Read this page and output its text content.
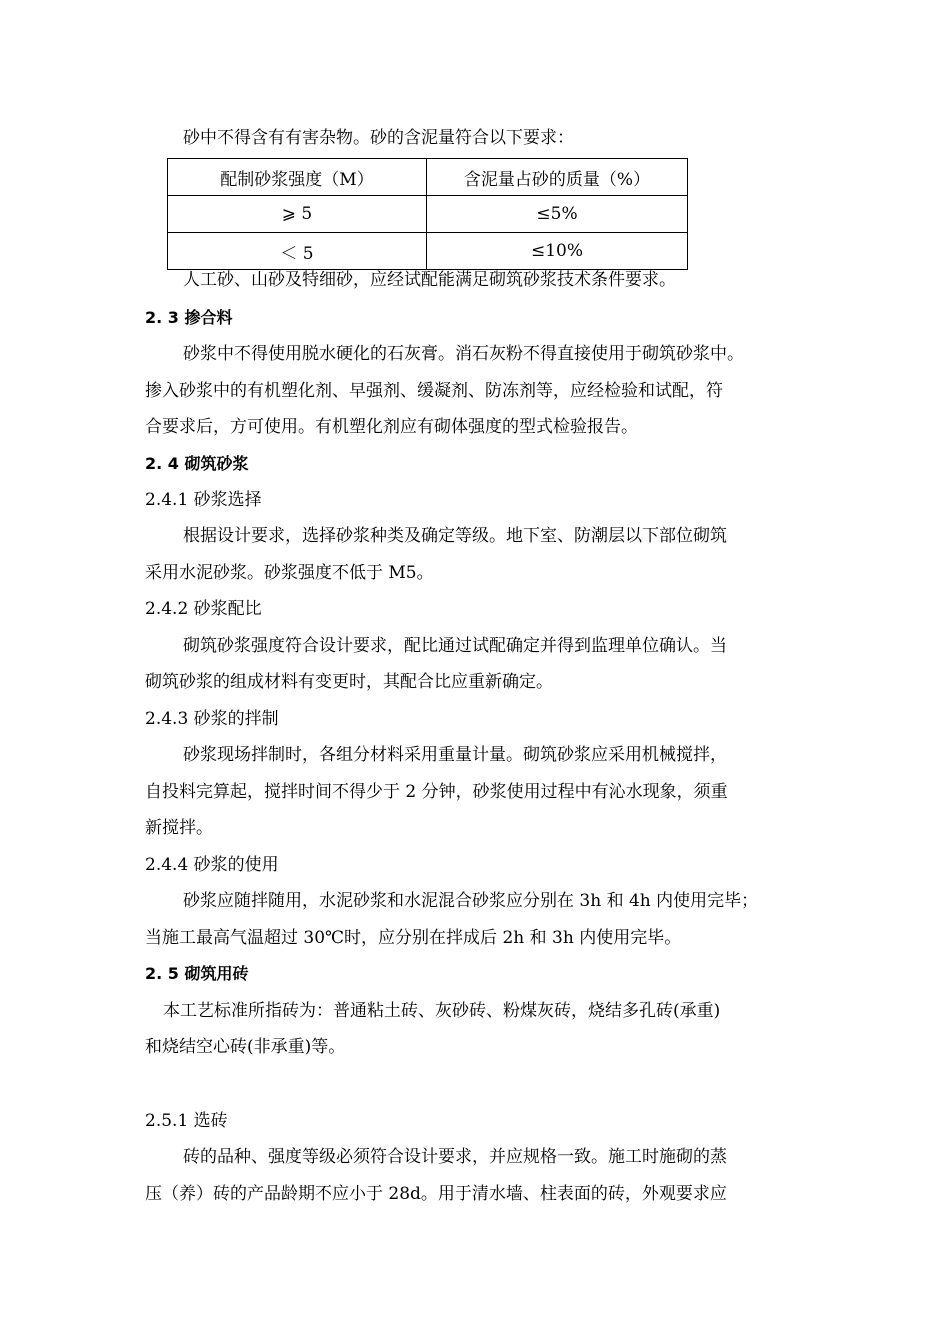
砂中不得含有有害杂物。砂的含泥量符合以下要求：
配制砂浆强度（M）	含泥量占砂的质量（%）
⩾ 5	≤5%
＜ 5	≤10%
人工砂、山砂及特细砂，应经试配能满足砌筑砂浆技术条件要求。
2. 3 掺合料
砂浆中不得使用脱水硬化的石灰膏。消石灰粉不得直接使用于砌筑砂浆中。
掺入砂浆中的有机塑化剂、早强剂、缓凝剂、防冻剂等，应经检验和试配，符
合要求后，方可使用。有机塑化剂应有砌体强度的型式检验报告。
2. 4 砌筑砂浆
2.4.1 砂浆选择
根据设计要求，选择砂浆种类及确定等级。地下室、防潮层以下部位砌筑
采用水泥砂浆。砂浆强度不低于 M5。
2.4.2 砂浆配比
砌筑砂浆强度符合设计要求，配比通过试配确定并得到监理单位确认。当
砌筑砂浆的组成材料有变更时，其配合比应重新确定。
2.4.3 砂浆的拌制
砂浆现场拌制时，各组分材料采用重量计量。砌筑砂浆应采用机械搅拌，
自投料完算起，搅拌时间不得少于 2 分钟，砂浆使用过程中有沁水现象，须重
新搅拌。
2.4.4 砂浆的使用
砂浆应随拌随用，水泥砂浆和水泥混合砂浆应分别在 3h 和 4h 内使用完毕；
当施工最高气温超过 30℃时，应分别在拌成后 2h 和 3h 内使用完毕。
2. 5 砌筑用砖
本工艺标准所指砖为：普通粘土砖、灰砂砖、粉煤灰砖，烧结多孔砖(承重)
和烧结空心砖(非承重)等。
2.5.1 选砖
砖的品种、强度等级必须符合设计要求，并应规格一致。施工时施砌的蒸
压（养）砖的产品龄期不应小于 28d。用于清水墙、柱表面的砖，外观要求应
